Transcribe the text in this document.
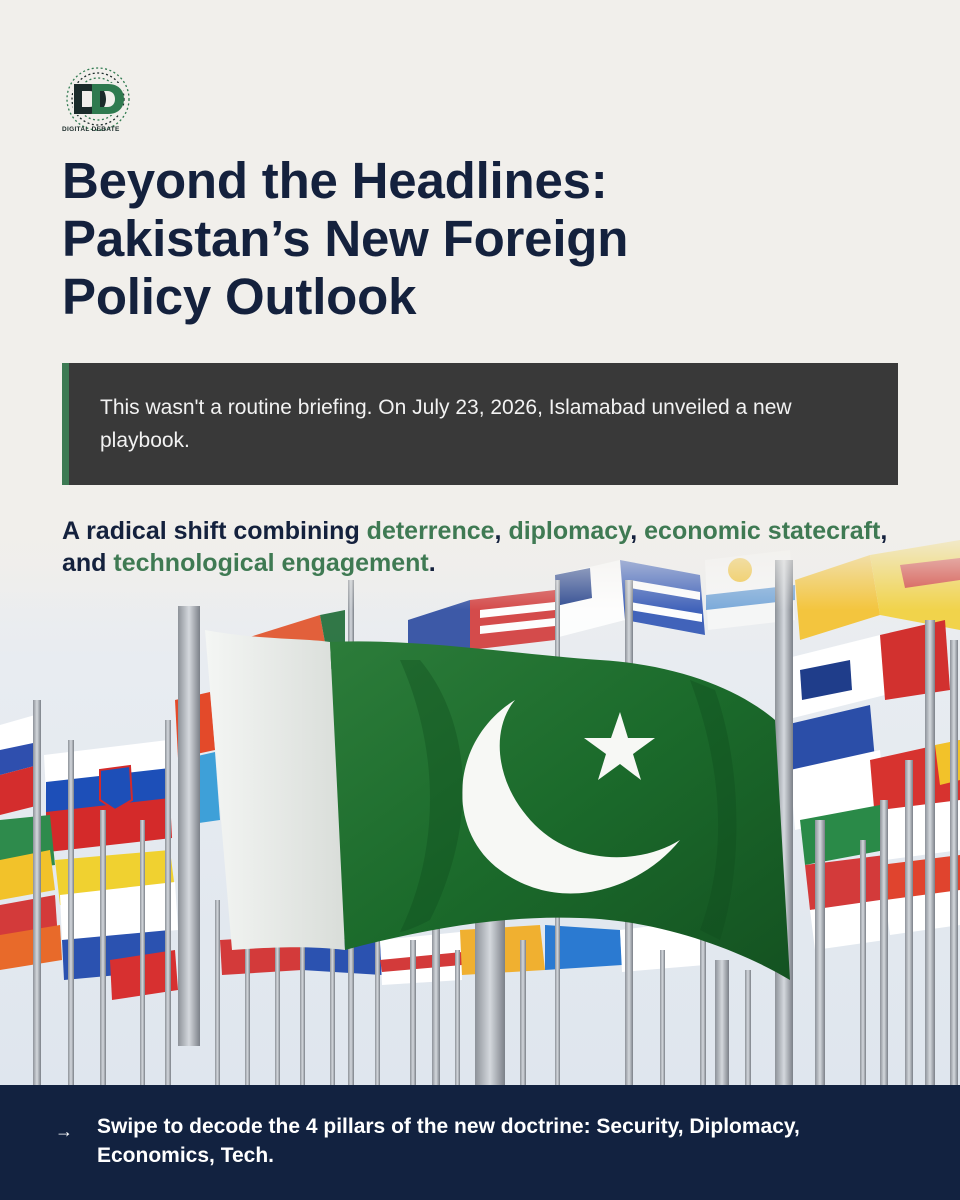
DIGITAL DEBATE
Beyond the Headlines:
Pakistan’s New Foreign
Policy Outlook

This wasn't a routine briefing. On July 23, 2026, Islamabad unveiled a new playbook.

A radical shift combining deterrence, diplomacy, economic statecraft, and technological engagement.

→ Swipe to decode the 4 pillars of the new doctrine: Security, Diplomacy, Economics, Tech.
